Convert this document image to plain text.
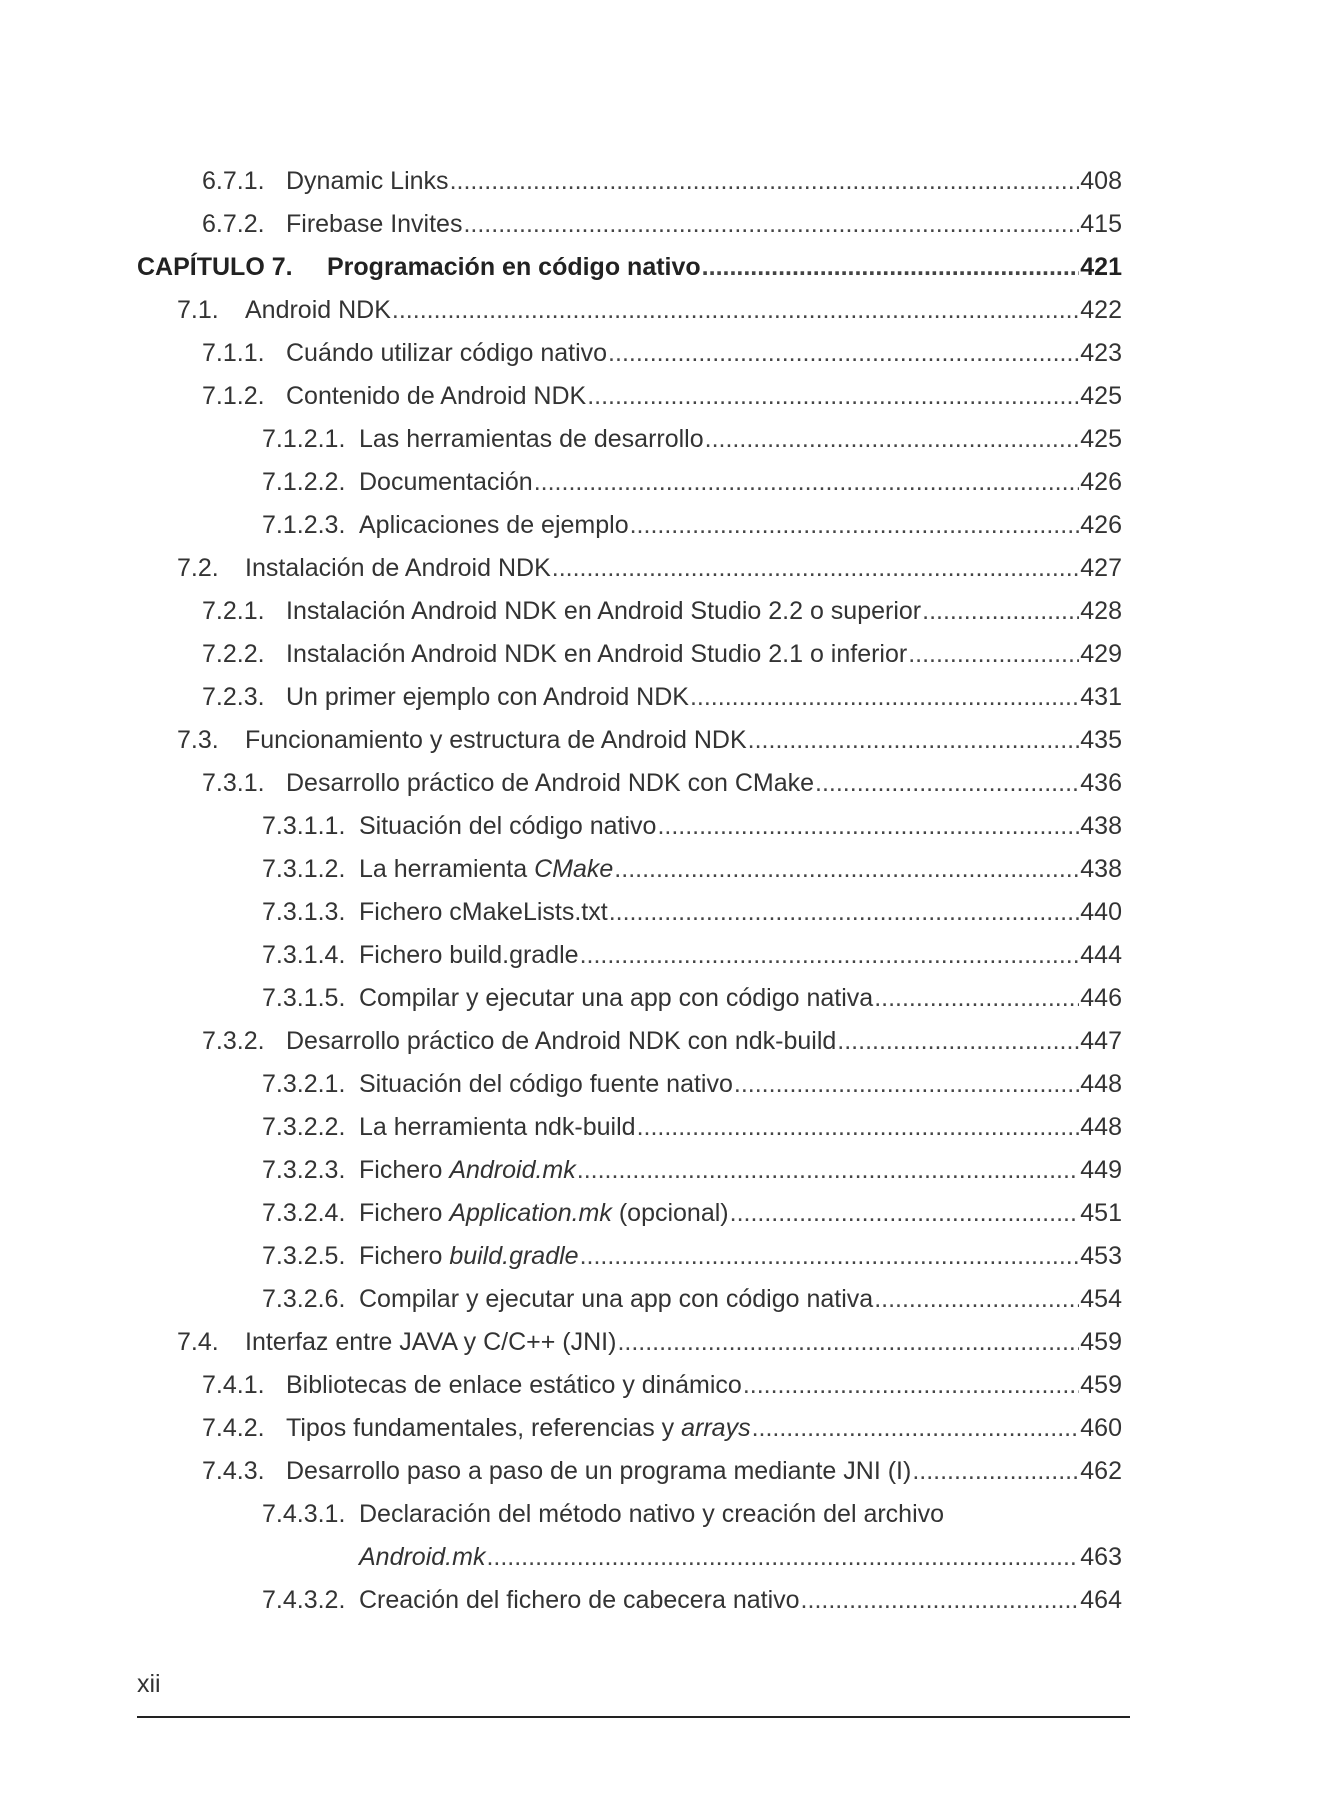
6.7.1. Dynamic Links .....	408
6.7.2. Firebase Invites .....	415
CAPÍTULO 7.	Programación en código nativo .....	421
7.1.	Android NDK .....	422
7.1.1. Cuándo utilizar código nativo .....	423
7.1.2. Contenido de Android NDK .....	425
7.1.2.1. Las herramientas de desarrollo .....	425
7.1.2.2. Documentación .....	426
7.1.2.3. Aplicaciones de ejemplo .....	426
7.2.	Instalación de Android NDK .....	427
7.2.1. Instalación Android NDK en Android Studio 2.2 o superior .....	428
7.2.2. Instalación Android NDK en Android Studio 2.1 o inferior .....	429
7.2.3. Un primer ejemplo con Android NDK .....	431
7.3.	Funcionamiento y estructura de Android NDK .....	435
7.3.1. Desarrollo práctico de Android NDK con CMake .....	436
7.3.1.1. Situación del código nativo .....	438
7.3.1.2. La herramienta CMake .....	438
7.3.1.3. Fichero cMakeLists.txt .....	440
7.3.1.4. Fichero build.gradle .....	444
7.3.1.5. Compilar y ejecutar una app con código nativa .....	446
7.3.2. Desarrollo práctico de Android NDK con ndk-build .....	447
7.3.2.1. Situación del código fuente nativo .....	448
7.3.2.2. La herramienta ndk-build .....	448
7.3.2.3. Fichero Android.mk .....	449
7.3.2.4. Fichero Application.mk (opcional) .....	451
7.3.2.5. Fichero build.gradle .....	453
7.3.2.6. Compilar y ejecutar una app con código nativa .....	454
7.4.	Interfaz entre JAVA y C/C++ (JNI) .....	459
7.4.1. Bibliotecas de enlace estático y dinámico .....	459
7.4.2. Tipos fundamentales, referencias y arrays .....	460
7.4.3. Desarrollo paso a paso de un programa mediante JNI (I) .....	462
7.4.3.1. Declaración del método nativo y creación del archivo
Android.mk .....	463
7.4.3.2. Creación del fichero de cabecera nativo .....	464
xii
